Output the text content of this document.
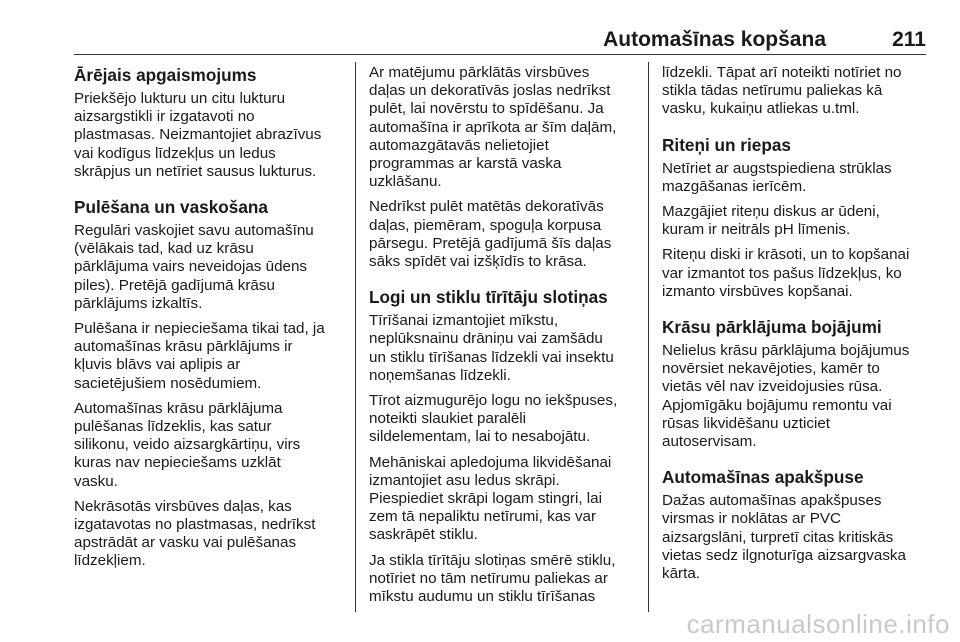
Automašīnas kopšana	211
Ārējais apgaismojums

Priekšējo lukturu un citu lukturu
aizsargstikli ir izgatavoti no
plastmasas. Neizmantojiet abrazīvus
vai kodīgus līdzekļus un ledus
skrāpjus un netīriet sausus lukturus.

Pulēšana un vaskošana

Regulāri vaskojiet savu automašīnu
(vēlākais tad, kad uz krāsu
pārklājuma vairs neveidojas ūdens
piles). Pretējā gadījumā krāsu
pārklājums izkaltīs.

Pulēšana ir nepieciešama tikai tad, ja
automašīnas krāsu pārklājums ir
kļuvis blāvs vai aplipis ar
sacietējušiem nosēdumiem.

Automašīnas krāsu pārklājuma
pulēšanas līdzeklis, kas satur
silikonu, veido aizsargkārtiņu, virs
kuras nav nepieciešams uzklāt
vasku.

Nekrāsotās virsbūves daļas, kas
izgatavotas no plastmasas, nedrīkst
apstrādāt ar vasku vai pulēšanas
līdzekļiem.

Ar matējumu pārklātās virsbūves
daļas un dekoratīvās joslas nedrīkst
pulēt, lai novērstu to spīdēšanu. Ja
automašīna ir aprīkota ar šīm daļām,
automazgātavās nelietojiet
programmas ar karstā vaska
uzklāšanu.

Nedrīkst pulēt matētās dekoratīvās
daļas, piemēram, spoguļa korpusa
pārsegu. Pretējā gadījumā šīs daļas
sāks spīdēt vai izšķīdīs to krāsa.

Logi un stiklu tīrītāju slotiņas

Tīrīšanai izmantojiet mīkstu,
neplūksnainu drāniņu vai zamšādu
un stiklu tīrīšanas līdzekli vai insektu
noņemšanas līdzekli.

Tīrot aizmugurējo logu no iekšpuses,
noteikti slaukiet paralēli
sildelementam, lai to nesabojātu.

Mehāniskai apledojuma likvidēšanai
izmantojiet asu ledus skrāpi.
Piespiediet skrāpi logam stingri, lai
zem tā nepaliktu netīrumi, kas var
saskrāpēt stiklu.

Ja stikla tīrītāju slotiņas smērē stiklu,
notīriet no tām netīrumu paliekas ar
mīkstu audumu un stiklu tīrīšanas

līdzekli. Tāpat arī noteikti notīriet no
stikla tādas netīrumu paliekas kā
vasku, kukaiņu atliekas u.tml.

Riteņi un riepas

Netīriet ar augstspiediena strūklas
mazgāšanas ierīcēm.

Mazgājiet riteņu diskus ar ūdeni,
kuram ir neitrāls pH līmenis.

Riteņu diski ir krāsoti, un to kopšanai
var izmantot tos pašus līdzekļus, ko
izmanto virsbūves kopšanai.

Krāsu pārklājuma bojājumi

Nelielus krāsu pārklājuma bojājumus
novērsiet nekavējoties, kamēr to
vietās vēl nav izveidojusies rūsa.
Apjomīgāku bojājumu remontu vai
rūsas likvidēšanu uzticiet
autoservisam.

Automašīnas apakšpuse

Dažas automašīnas apakšpuses
virsmas ir noklātas ar PVC
aizsargslāni, turpretī citas kritiskās
vietas sedz ilgnoturīga aizsargvaska
kārta.

carmanualsonline.info
